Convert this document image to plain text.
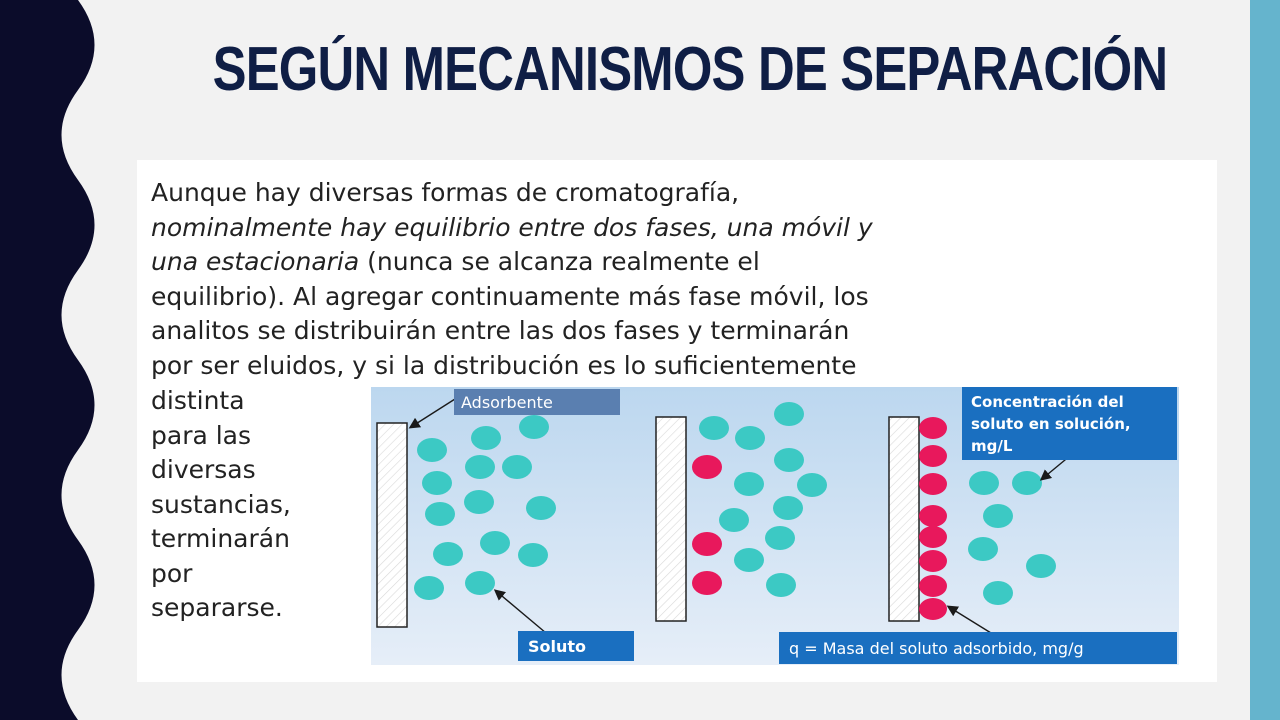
SEGÚN MECANISMOS DE SEPARACIÓN
Aunque hay diversas formas de cromatografía,
nominalmente hay equilibrio entre dos fases, una móvil y
una estacionaria (nunca se alcanza realmente el
equilibrio). Al agregar continuamente más fase móvil, los
analitos se distribuirán entre las dos fases y terminarán
por ser eluidos, y si la distribución es lo suficientemente
distinta
para las
diversas
sustancias,
terminarán
por
separarse.
Adsorbente
Soluto
Concentración del
soluto en solución,
mg/L
q = Masa del soluto adsorbido, mg/g
